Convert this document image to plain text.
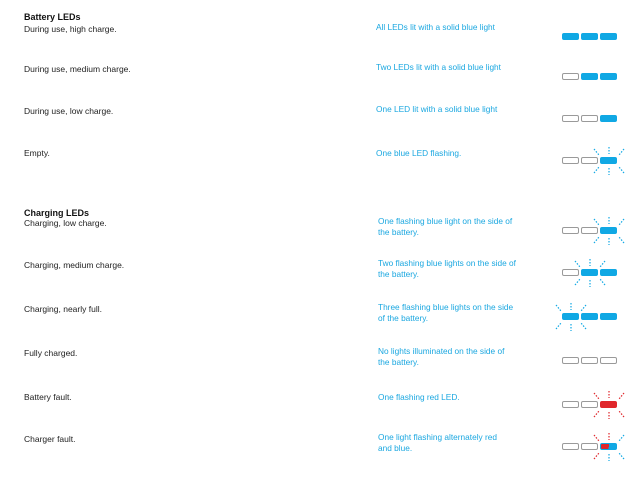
Battery LEDs
During use, high charge.	All LEDs lit with a solid blue light
During use, medium charge.	Two LEDs lit with a solid blue light
During use, low charge.	One LED lit with a solid blue light
Empty.	One blue LED flashing.
Charging LEDs
Charging, low charge.	One flashing blue light on the side of the battery.
Charging, medium charge.	Two flashing blue lights on the side of the battery.
Charging, nearly full.	Three flashing blue lights on the side of the battery.
Fully charged.	No lights illuminated on the side of the battery.
Battery fault.	One flashing red LED.
Charger fault.	One light flashing alternately red and blue.
